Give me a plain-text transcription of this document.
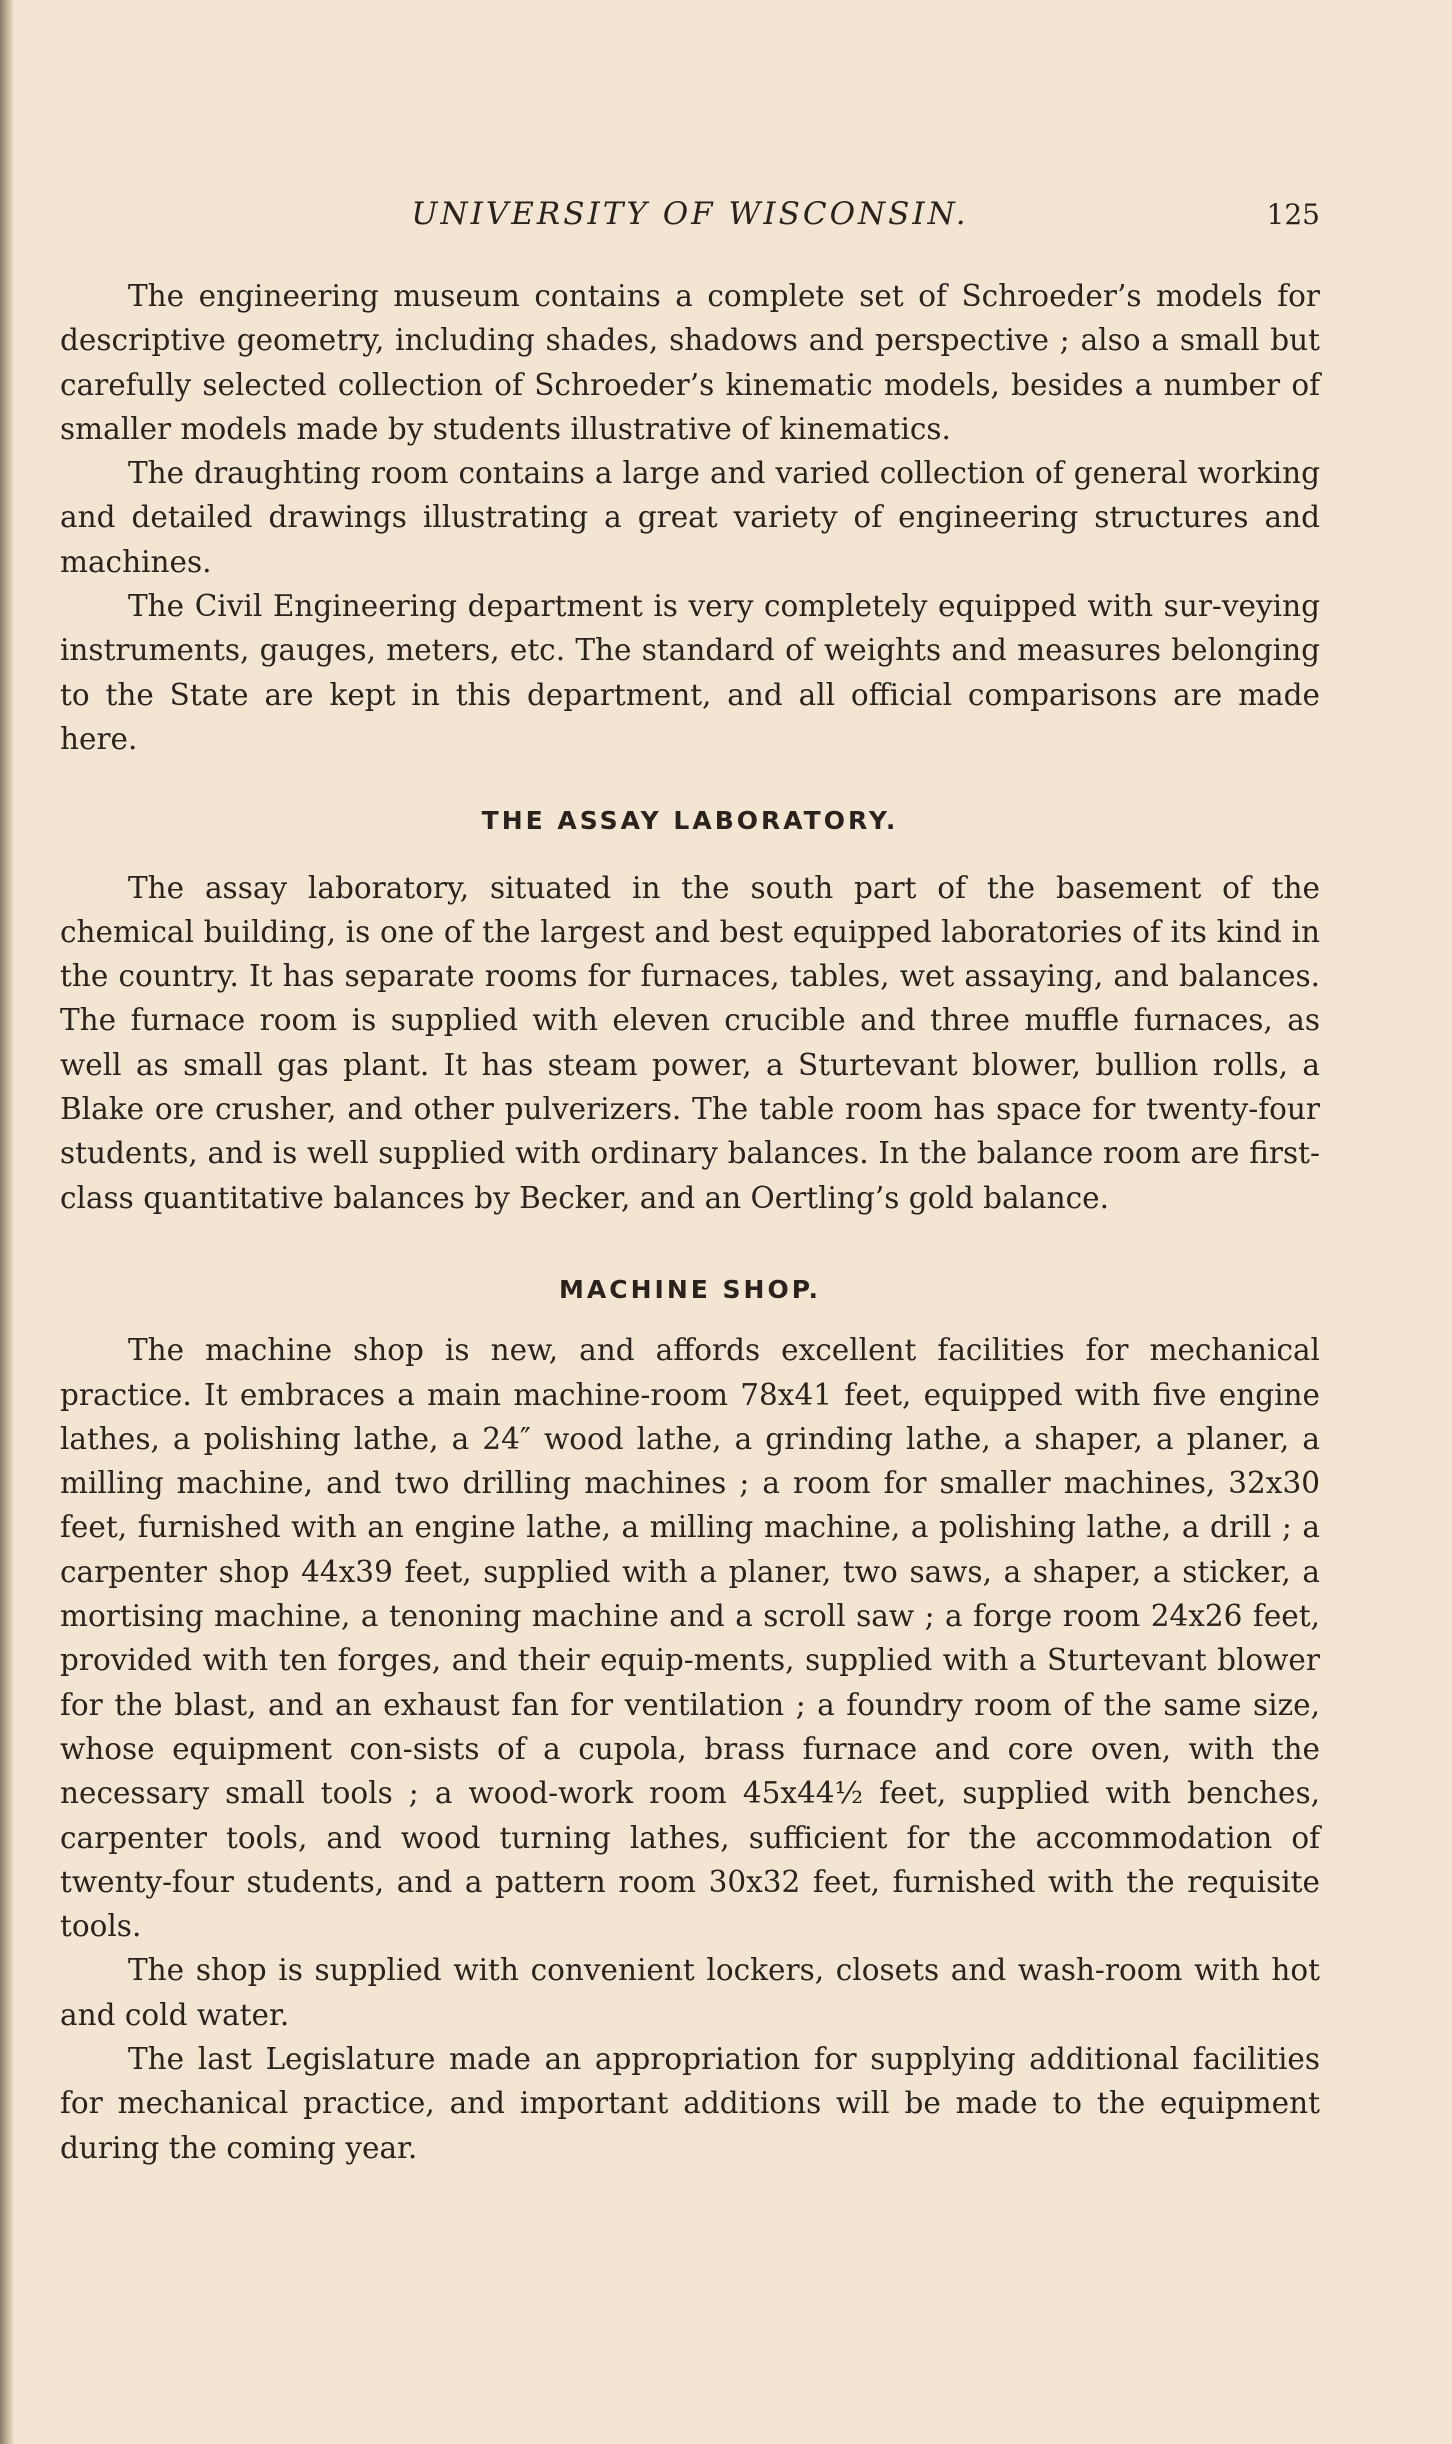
UNIVERSITY OF WISCONSIN.	125

The engineering museum contains a complete set of Schroeder’s models for descriptive geometry, including shades, shadows and perspective ; also a small but carefully selected collection of Schroeder’s kinematic models, besides a number of smaller models made by students illustrative of kinematics.

The draughting room contains a large and varied collection of general working and detailed drawings illustrating a great variety of engineering structures and machines.

The Civil Engineering department is very completely equipped with sur-veying instruments, gauges, meters, etc. The standard of weights and measures belonging to the State are kept in this department, and all official comparisons are made here.

THE ASSAY LABORATORY.

The assay laboratory, situated in the south part of the basement of the chemical building, is one of the largest and best equipped laboratories of its kind in the country. It has separate rooms for furnaces, tables, wet assaying, and balances. The furnace room is supplied with eleven crucible and three muffle furnaces, as well as small gas plant. It has steam power, a Sturtevant blower, bullion rolls, a Blake ore crusher, and other pulverizers. The table room has space for twenty-four students, and is well supplied with ordinary balances. In the balance room are first-class quantitative balances by Becker, and an Oertling’s gold balance.

MACHINE SHOP.

The machine shop is new, and affords excellent facilities for mechanical practice. It embraces a main machine-room 78x41 feet, equipped with five engine lathes, a polishing lathe, a 24″ wood lathe, a grinding lathe, a shaper, a planer, a milling machine, and two drilling machines ; a room for smaller machines, 32x30 feet, furnished with an engine lathe, a milling machine, a polishing lathe, a drill ; a carpenter shop 44x39 feet, supplied with a planer, two saws, a shaper, a sticker, a mortising machine, a tenoning machine and a scroll saw ; a forge room 24x26 feet, provided with ten forges, and their equip-ments, supplied with a Sturtevant blower for the blast, and an exhaust fan for ventilation ; a foundry room of the same size, whose equipment con-sists of a cupola, brass furnace and core oven, with the necessary small tools ; a wood-work room 45x44½ feet, supplied with benches, carpenter tools, and wood turning lathes, sufficient for the accommodation of twenty-four students, and a pattern room 30x32 feet, furnished with the requisite tools.

The shop is supplied with convenient lockers, closets and wash-room with hot and cold water.

The last Legislature made an appropriation for supplying additional facilities for mechanical practice, and important additions will be made to the equipment during the coming year.
